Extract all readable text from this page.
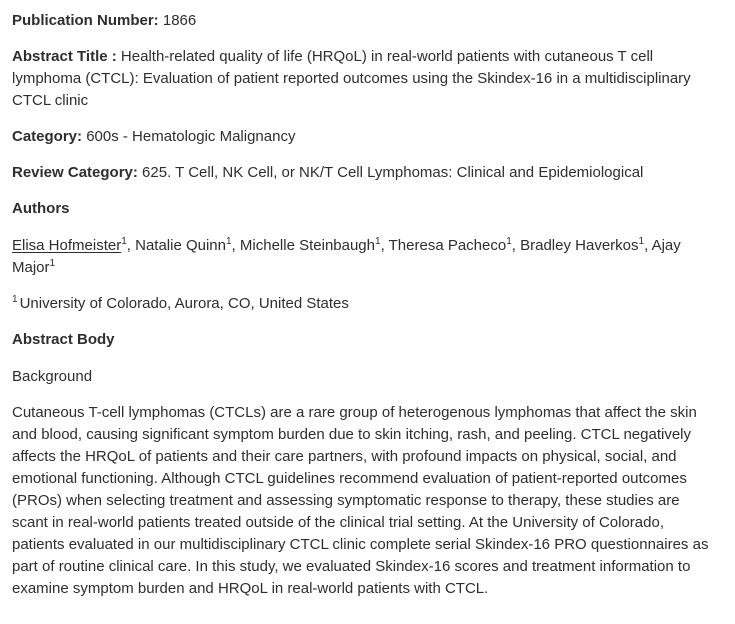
Publication Number: 1866

Abstract Title : Health-related quality of life (HRQoL) in real-world patients with cutaneous T cell lymphoma (CTCL): Evaluation of patient reported outcomes using the Skindex-16 in a multidisciplinary CTCL clinic

Category: 600s - Hematologic Malignancy

Review Category: 625. T Cell, NK Cell, or NK/T Cell Lymphomas: Clinical and Epidemiological

Authors

Elisa Hofmeister$^1$, Natalie Quinn$^1$, Michelle Steinbaugh$^1$, Theresa Pacheco$^1$, Bradley Haverkos$^1$, Ajay Major$^1$

$^1$ University of Colorado, Aurora, CO, United States

Abstract Body

Background

Cutaneous T-cell lymphomas (CTCLs) are a rare group of heterogenous lymphomas that affect the skin and blood, causing significant symptom burden due to skin itching, rash, and peeling. CTCL negatively affects the HRQoL of patients and their care partners, with profound impacts on physical, social, and emotional functioning. Although CTCL guidelines recommend evaluation of patient-reported outcomes (PROs) when selecting treatment and assessing symptomatic response to therapy, these studies are scant in real-world patients treated outside of the clinical trial setting. At the University of Colorado, patients evaluated in our multidisciplinary CTCL clinic complete serial Skindex-16 PRO questionnaires as part of routine clinical care. In this study, we evaluated Skindex-16 scores and treatment information to examine symptom burden and HRQoL in real-world patients with CTCL.
